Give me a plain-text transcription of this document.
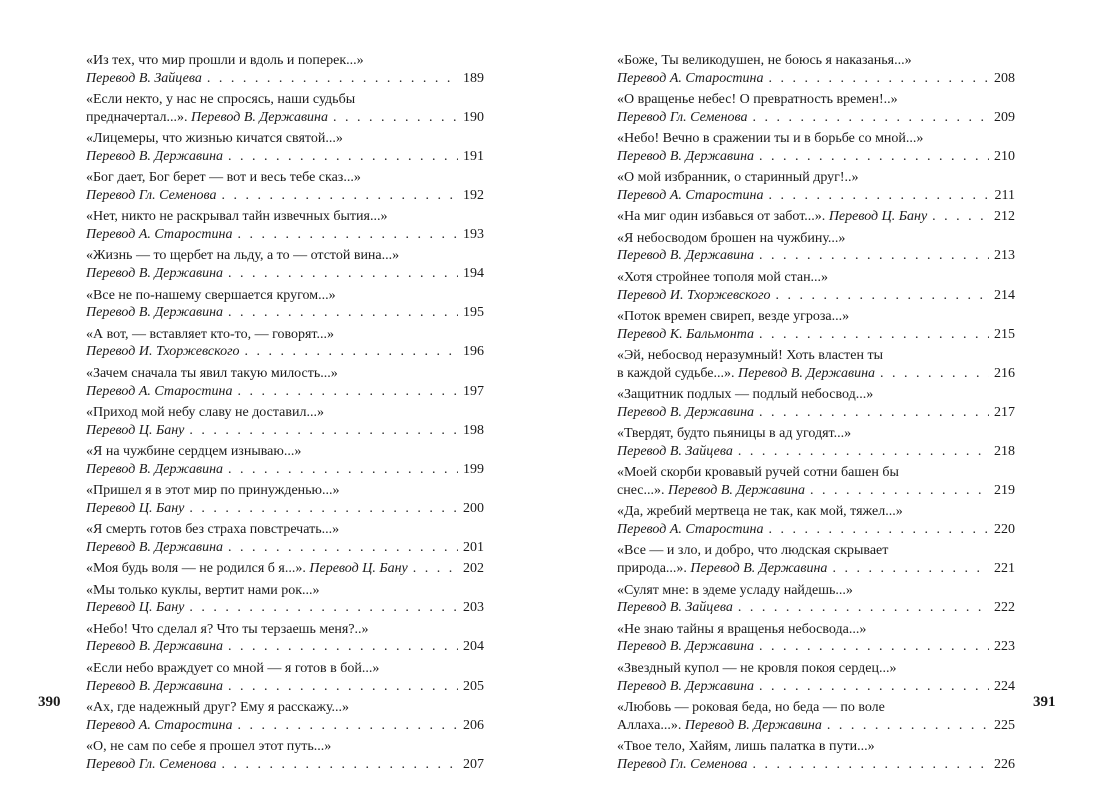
«Из тех, что мир прошли и вдоль и поперек...»
Перевод В. Зайцева . . .	189
«Если некто, у нас не спросясь, наши судьбы
предначертал...». Перевод В. Державина . . .	190
«Лицемеры, что жизнью кичатся святой...»
Перевод В. Державина . . .	191
«Бог дает, Бог берет — вот и весь тебе сказ...»
Перевод Гл. Семенова . . .	192
«Нет, никто не раскрывал тайн извечных бытия...»
Перевод А. Старостина . . .	193
«Жизнь — то щербет на льду, а то — отстой вина...»
Перевод В. Державина . . .	194
«Все не по-нашему свершается кругом...»
Перевод В. Державина . . .	195
«А вот, — вставляет кто-то, — говорят...»
Перевод И. Тхоржевского . . .	196
«Зачем сначала ты явил такую милость...»
Перевод А. Старостина . . .	197
«Приход мой небу славу не доставил...»
Перевод Ц. Бану . . .	198
«Я на чужбине сердцем изнываю...»
Перевод В. Державина . . .	199
«Пришел я в этот мир по принужденью...»
Перевод Ц. Бану . . .	200
«Я смерть готов без страха повстречать...»
Перевод В. Державина . . .	201
«Моя будь воля — не родился б я...». Перевод Ц. Бану . . .	202
«Мы только куклы, вертит нами рок...»
Перевод Ц. Бану . . .	203
«Небо! Что сделал я? Что ты терзаешь меня?..»
Перевод В. Державина . . .	204
«Если небо враждует со мной — я готов в бой...»
Перевод В. Державина . . .	205
«Ах, где надежный друг? Ему я расскажу...»
Перевод А. Старостина . . .	206
«О, не сам по себе я прошел этот путь...»
Перевод Гл. Семенова . . .	207
«Боже, Ты великодушен, не боюсь я наказанья...»
Перевод А. Старостина . . .	208
«О вращенье небес! О превратность времен!..»
Перевод Гл. Семенова . . .	209
«Небо! Вечно в сражении ты и в борьбе со мной...»
Перевод В. Державина . . .	210
«О мой избранник, о старинный друг!..»
Перевод А. Старостина . . .	211
«На миг один избавься от забот...». Перевод Ц. Бану . . .	212
«Я небосводом брошен на чужбину...»
Перевод В. Державина . . .	213
«Хотя стройнее тополя мой стан...»
Перевод И. Тхоржевского . . .	214
«Поток времен свиреп, везде угроза...»
Перевод К. Бальмонта . . .	215
«Эй, небосвод неразумный! Хоть властен ты
в каждой судьбе...». Перевод В. Державина . . .	216
«Защитник подлых — подлый небосвод...»
Перевод В. Державина . . .	217
«Твердят, будто пьяницы в ад угодят...»
Перевод В. Зайцева . . .	218
«Моей скорби кровавый ручей сотни башен бы
снес...». Перевод В. Державина . . .	219
«Да, жребий мертвеца не так, как мой, тяжел...»
Перевод А. Старостина . . .	220
«Все — и зло, и добро, что людская скрывает
природа...». Перевод В. Державина . . .	221
«Сулят мне: в эдеме усладу найдешь...»
Перевод В. Зайцева . . .	222
«Не знаю тайны я вращенья небосвода...»
Перевод В. Державина . . .	223
«Звездный купол — не кровля покоя сердец...»
Перевод В. Державина . . .	224
«Любовь — роковая беда, но беда — по воле
Аллаха...». Перевод В. Державина . . .	225
«Твое тело, Хайям, лишь палатка в пути...»
Перевод Гл. Семенова . . .	226
390	391
